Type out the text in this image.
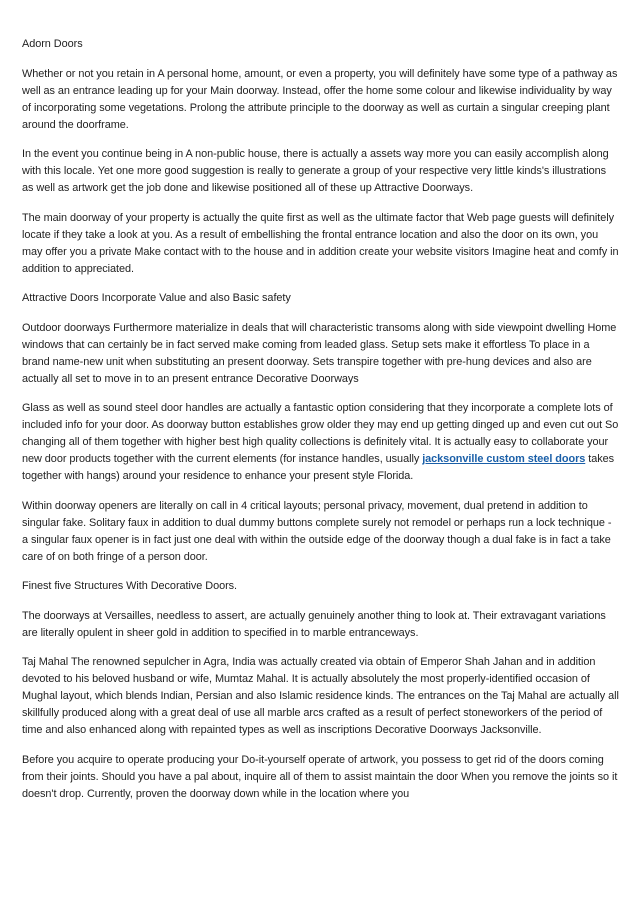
Adorn Doors

Whether or not you retain in A personal home, amount, or even a property, you will definitely have some type of a pathway as well as an entrance leading up for your Main doorway. Instead, offer the home some colour and likewise individuality by way of incorporating some vegetations. Prolong the attribute principle to the doorway as well as curtain a singular creeping plant around the doorframe.

In the event you continue being in A non-public house, there is actually a assets way more you can easily accomplish along with this locale. Yet one more good suggestion is really to generate a group of your respective very little kinds's illustrations as well as artwork get the job done and likewise positioned all of these up Attractive Doorways.

The main doorway of your property is actually the quite first as well as the ultimate factor that Web page guests will definitely locate if they take a look at you. As a result of embellishing the frontal entrance location and also the door on its own, you may offer you a private Make contact with to the house and in addition create your website visitors Imagine heat and comfy in addition to appreciated.

Attractive Doors Incorporate Value and also Basic safety

Outdoor doorways Furthermore materialize in deals that will characteristic transoms along with side viewpoint dwelling Home windows that can certainly be in fact served make coming from leaded glass. Setup sets make it effortless To place in a brand name-new unit when substituting an present doorway. Sets transpire together with pre-hung devices and also are actually all set to move in to an present entrance Decorative Doorways

Glass as well as sound steel door handles are actually a fantastic option considering that they incorporate a complete lots of included info for your door. As doorway button establishes grow older they may end up getting dinged up and even cut out So changing all of them together with higher best high quality collections is definitely vital. It is actually easy to collaborate your new door products together with the current elements (for instance handles, usually jacksonville custom steel doors takes together with hangs) around your residence to enhance your present style Florida.

Within doorway openers are literally on call in 4 critical layouts; personal privacy, movement, dual pretend in addition to singular fake. Solitary faux in addition to dual dummy buttons complete surely not remodel or perhaps run a lock technique - a singular faux opener is in fact just one deal with within the outside edge of the doorway though a dual fake is in fact a take care of on both fringe of a person door.

Finest five Structures With Decorative Doors.

The doorways at Versailles, needless to assert, are actually genuinely another thing to look at. Their extravagant variations are literally opulent in sheer gold in addition to specified in to marble entranceways.

Taj Mahal The renowned sepulcher in Agra, India was actually created via obtain of Emperor Shah Jahan and in addition devoted to his beloved husband or wife, Mumtaz Mahal. It is actually absolutely the most properly-identified occasion of Mughal layout, which blends Indian, Persian and also Islamic residence kinds. The entrances on the Taj Mahal are actually all skillfully produced along with a great deal of use all marble arcs crafted as a result of perfect stoneworkers of the period of time and also enhanced along with repainted types as well as inscriptions Decorative Doorways Jacksonville.

Before you acquire to operate producing your Do-it-yourself operate of artwork, you possess to get rid of the doors coming from their joints. Should you have a pal about, inquire all of them to assist maintain the door When you remove the joints so it doesn't drop. Currently, proven the doorway down while in the location where you
